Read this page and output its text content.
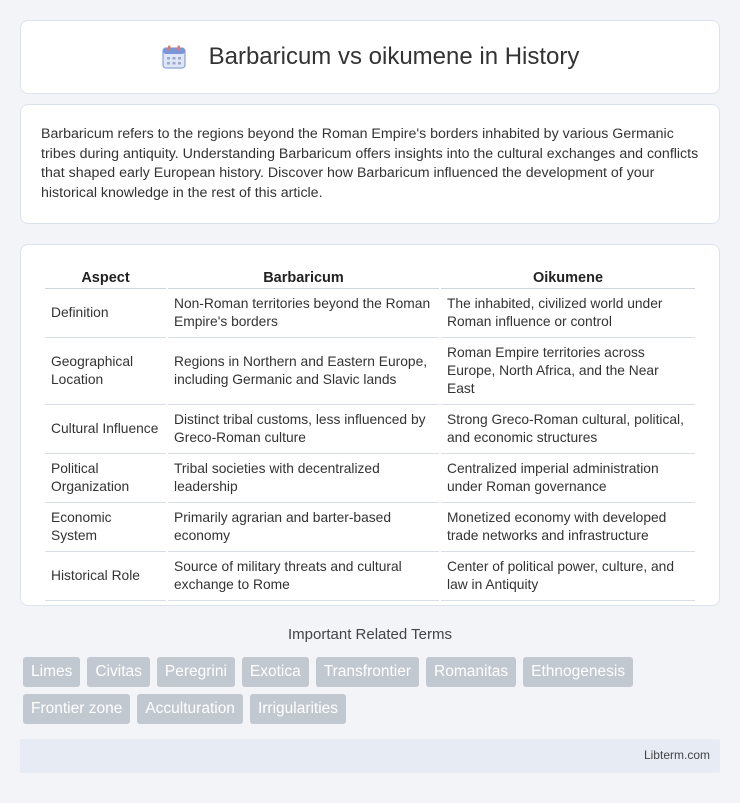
Barbaricum vs oikumene in History

Barbaricum refers to the regions beyond the Roman Empire's borders inhabited by various Germanic tribes during antiquity. Understanding Barbaricum offers insights into the cultural exchanges and conflicts that shaped early European history. Discover how Barbaricum influenced the development of your historical knowledge in the rest of this article.

Aspect	Barbaricum	Oikumene
Definition	Non-Roman territories beyond the Roman Empire's borders	The inhabited, civilized world under Roman influence or control
Geographical Location	Regions in Northern and Eastern Europe, including Germanic and Slavic lands	Roman Empire territories across Europe, North Africa, and the Near East
Cultural Influence	Distinct tribal customs, less influenced by Greco-Roman culture	Strong Greco-Roman cultural, political, and economic structures
Political Organization	Tribal societies with decentralized leadership	Centralized imperial administration under Roman governance
Economic System	Primarily agrarian and barter-based economy	Monetized economy with developed trade networks and infrastructure
Historical Role	Source of military threats and cultural exchange to Rome	Center of political power, culture, and law in Antiquity
Important Related Terms
Limes	Civitas	Peregrini	Exotica	Transfrontier	Romanitas	Ethnogenesis
Frontier zone	Acculturation	Irrigularities
Libterm.com
